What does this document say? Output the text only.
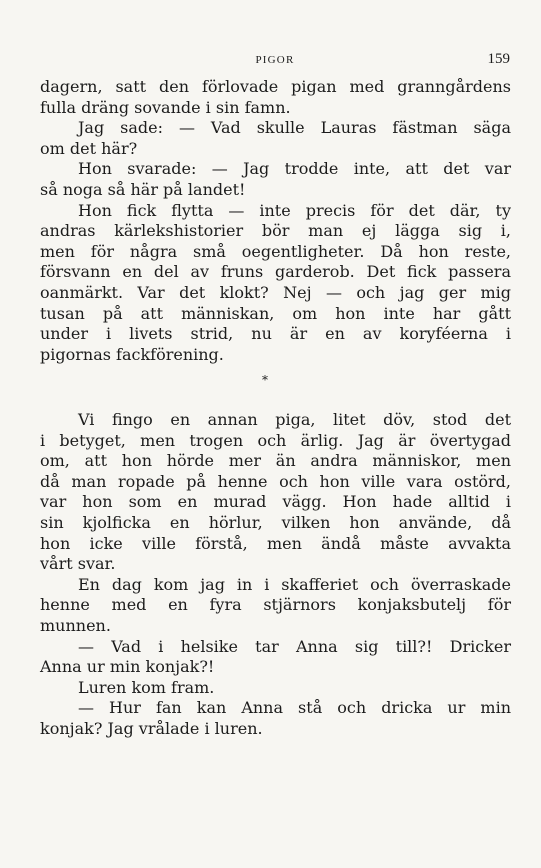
PIGOR	159
dagern, satt den förlovade pigan med granngårdens
fulla dräng sovande i sin famn.
Jag sade: — Vad skulle Lauras fästman säga
om det här?
Hon svarade: — Jag trodde inte, att det var
så noga så här på landet!
Hon fick flytta — inte precis för det där, ty
andras kärlekshistorier bör man ej lägga sig i,
men för några små oegentligheter. Då hon reste,
försvann en del av fruns garderob. Det fick passera
oanmärkt. Var det klokt? Nej — och jag ger mig
tusan på att människan, om hon inte har gått
under i livets strid, nu är en av koryféerna i
pigornas fackförening.
*
Vi fingo en annan piga, litet döv, stod det
i betyget, men trogen och ärlig. Jag är övertygad
om, att hon hörde mer än andra människor, men
då man ropade på henne och hon ville vara ostörd,
var hon som en murad vägg. Hon hade alltid i
sin kjolficka en hörlur, vilken hon använde, då
hon icke ville förstå, men ändå måste avvakta
vårt svar.
En dag kom jag in i skafferiet och överraskade
henne med en fyra stjärnors konjaksbutelj för
munnen.
— Vad i helsike tar Anna sig till?! Dricker
Anna ur min konjak?!
Luren kom fram.
— Hur fan kan Anna stå och dricka ur min
konjak? Jag vrålade i luren.
